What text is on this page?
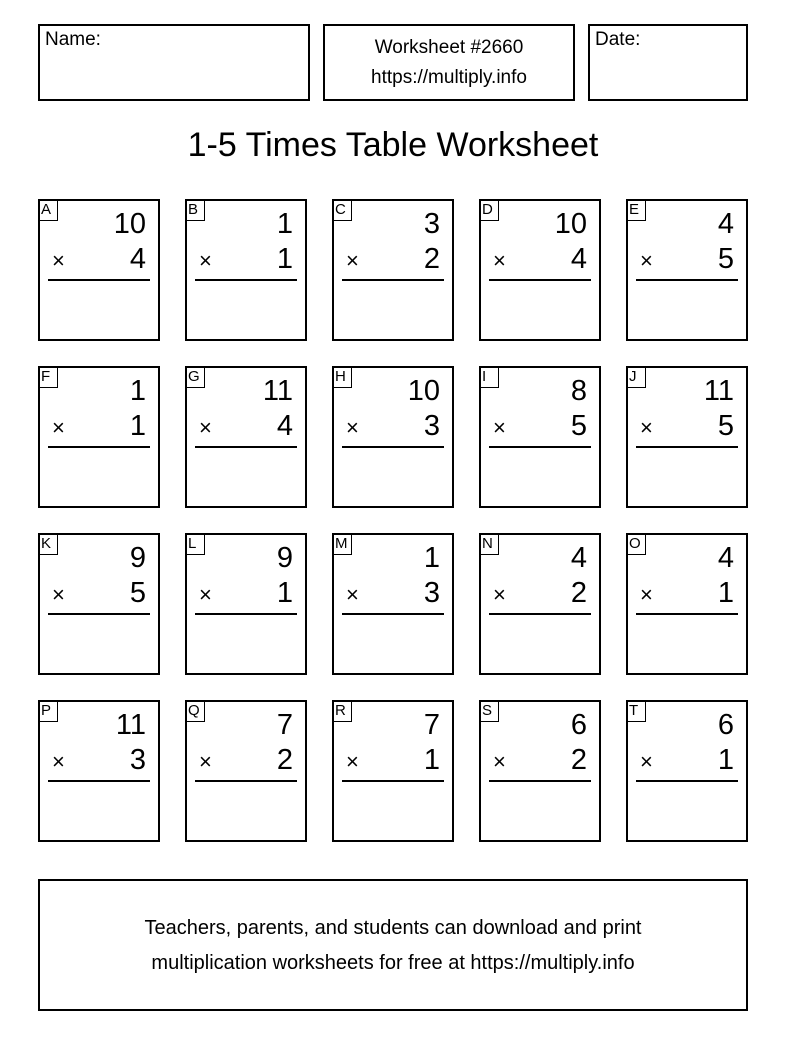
Name:	Worksheet #2660
https://multiply.info
Date:
1-5 Times Table Worksheet
A 10
× 4
B	1
× 1
C	3
× 2
D 10
× 4
E	4
× 5
F	1
× 1
G 11
× 4
H 10
× 3
I	8
× 5
J	11
× 5
K	9
× 5
L	9
× 1
M	1
× 3
N	4
× 2
O	4
× 1
P 11
× 3
Q	7
× 2
R	7
× 1
S	6
× 2
T	6
× 1
Teachers, parents, and students can download and print
multiplication worksheets for free at https://multiply.info
